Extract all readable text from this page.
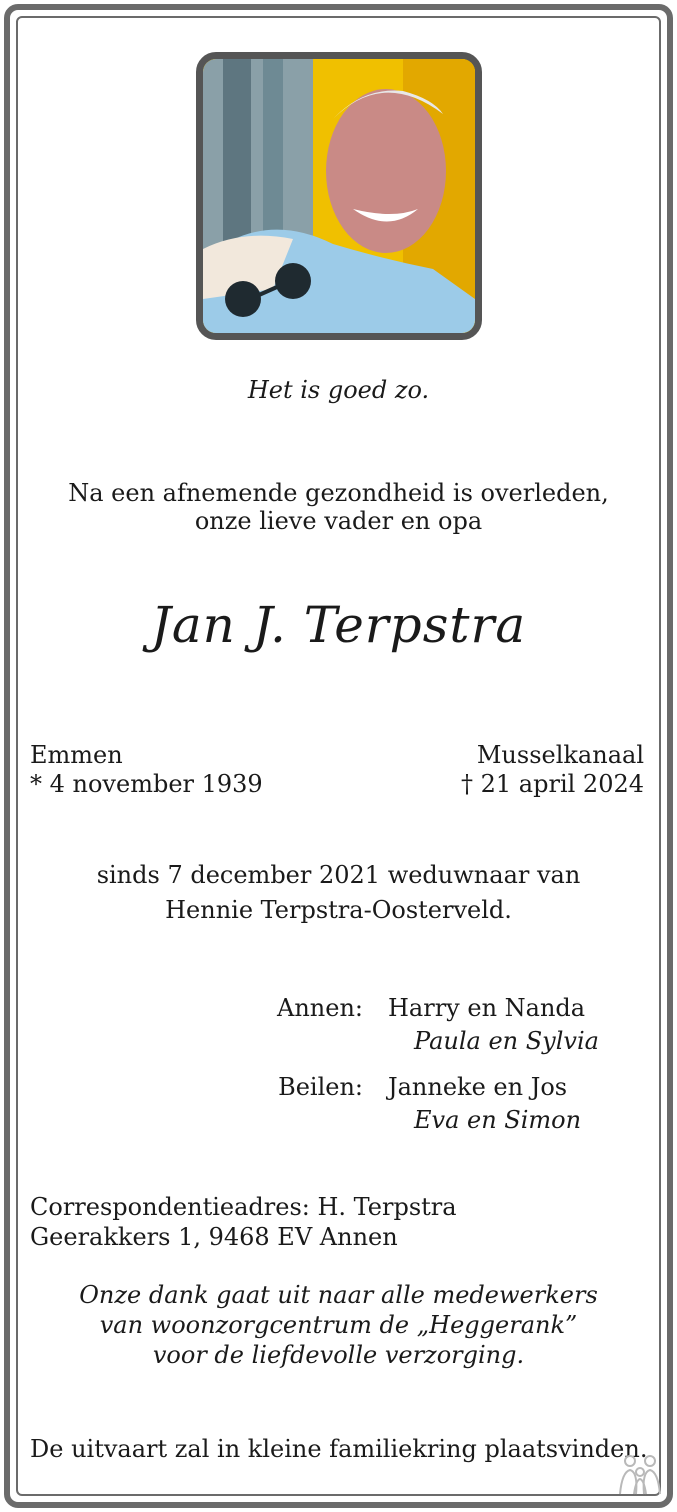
Het is goed zo.

Na een afnemende gezondheid is overleden,

onze lieve vader en opa

Jan J. Terpstra

Emmen

* 4 november 1939

Musselkanaal

† 21 april 2024

sinds 7 december 2021 weduwnaar van

Hennie Terpstra-Oosterveld.

Annen: Harry en Nanda

Paula en Sylvia

Beilen: Janneke en Jos

Eva en Simon

Correspondentieadres: H. Terpstra

Geerakkers 1, 9468 EV Annen

Onze dank gaat uit naar alle medewerkers

van woonzorgcentrum de „Heggerank”

voor de liefdevolle verzorging.

De uitvaart zal in kleine familiekring plaatsvinden.
